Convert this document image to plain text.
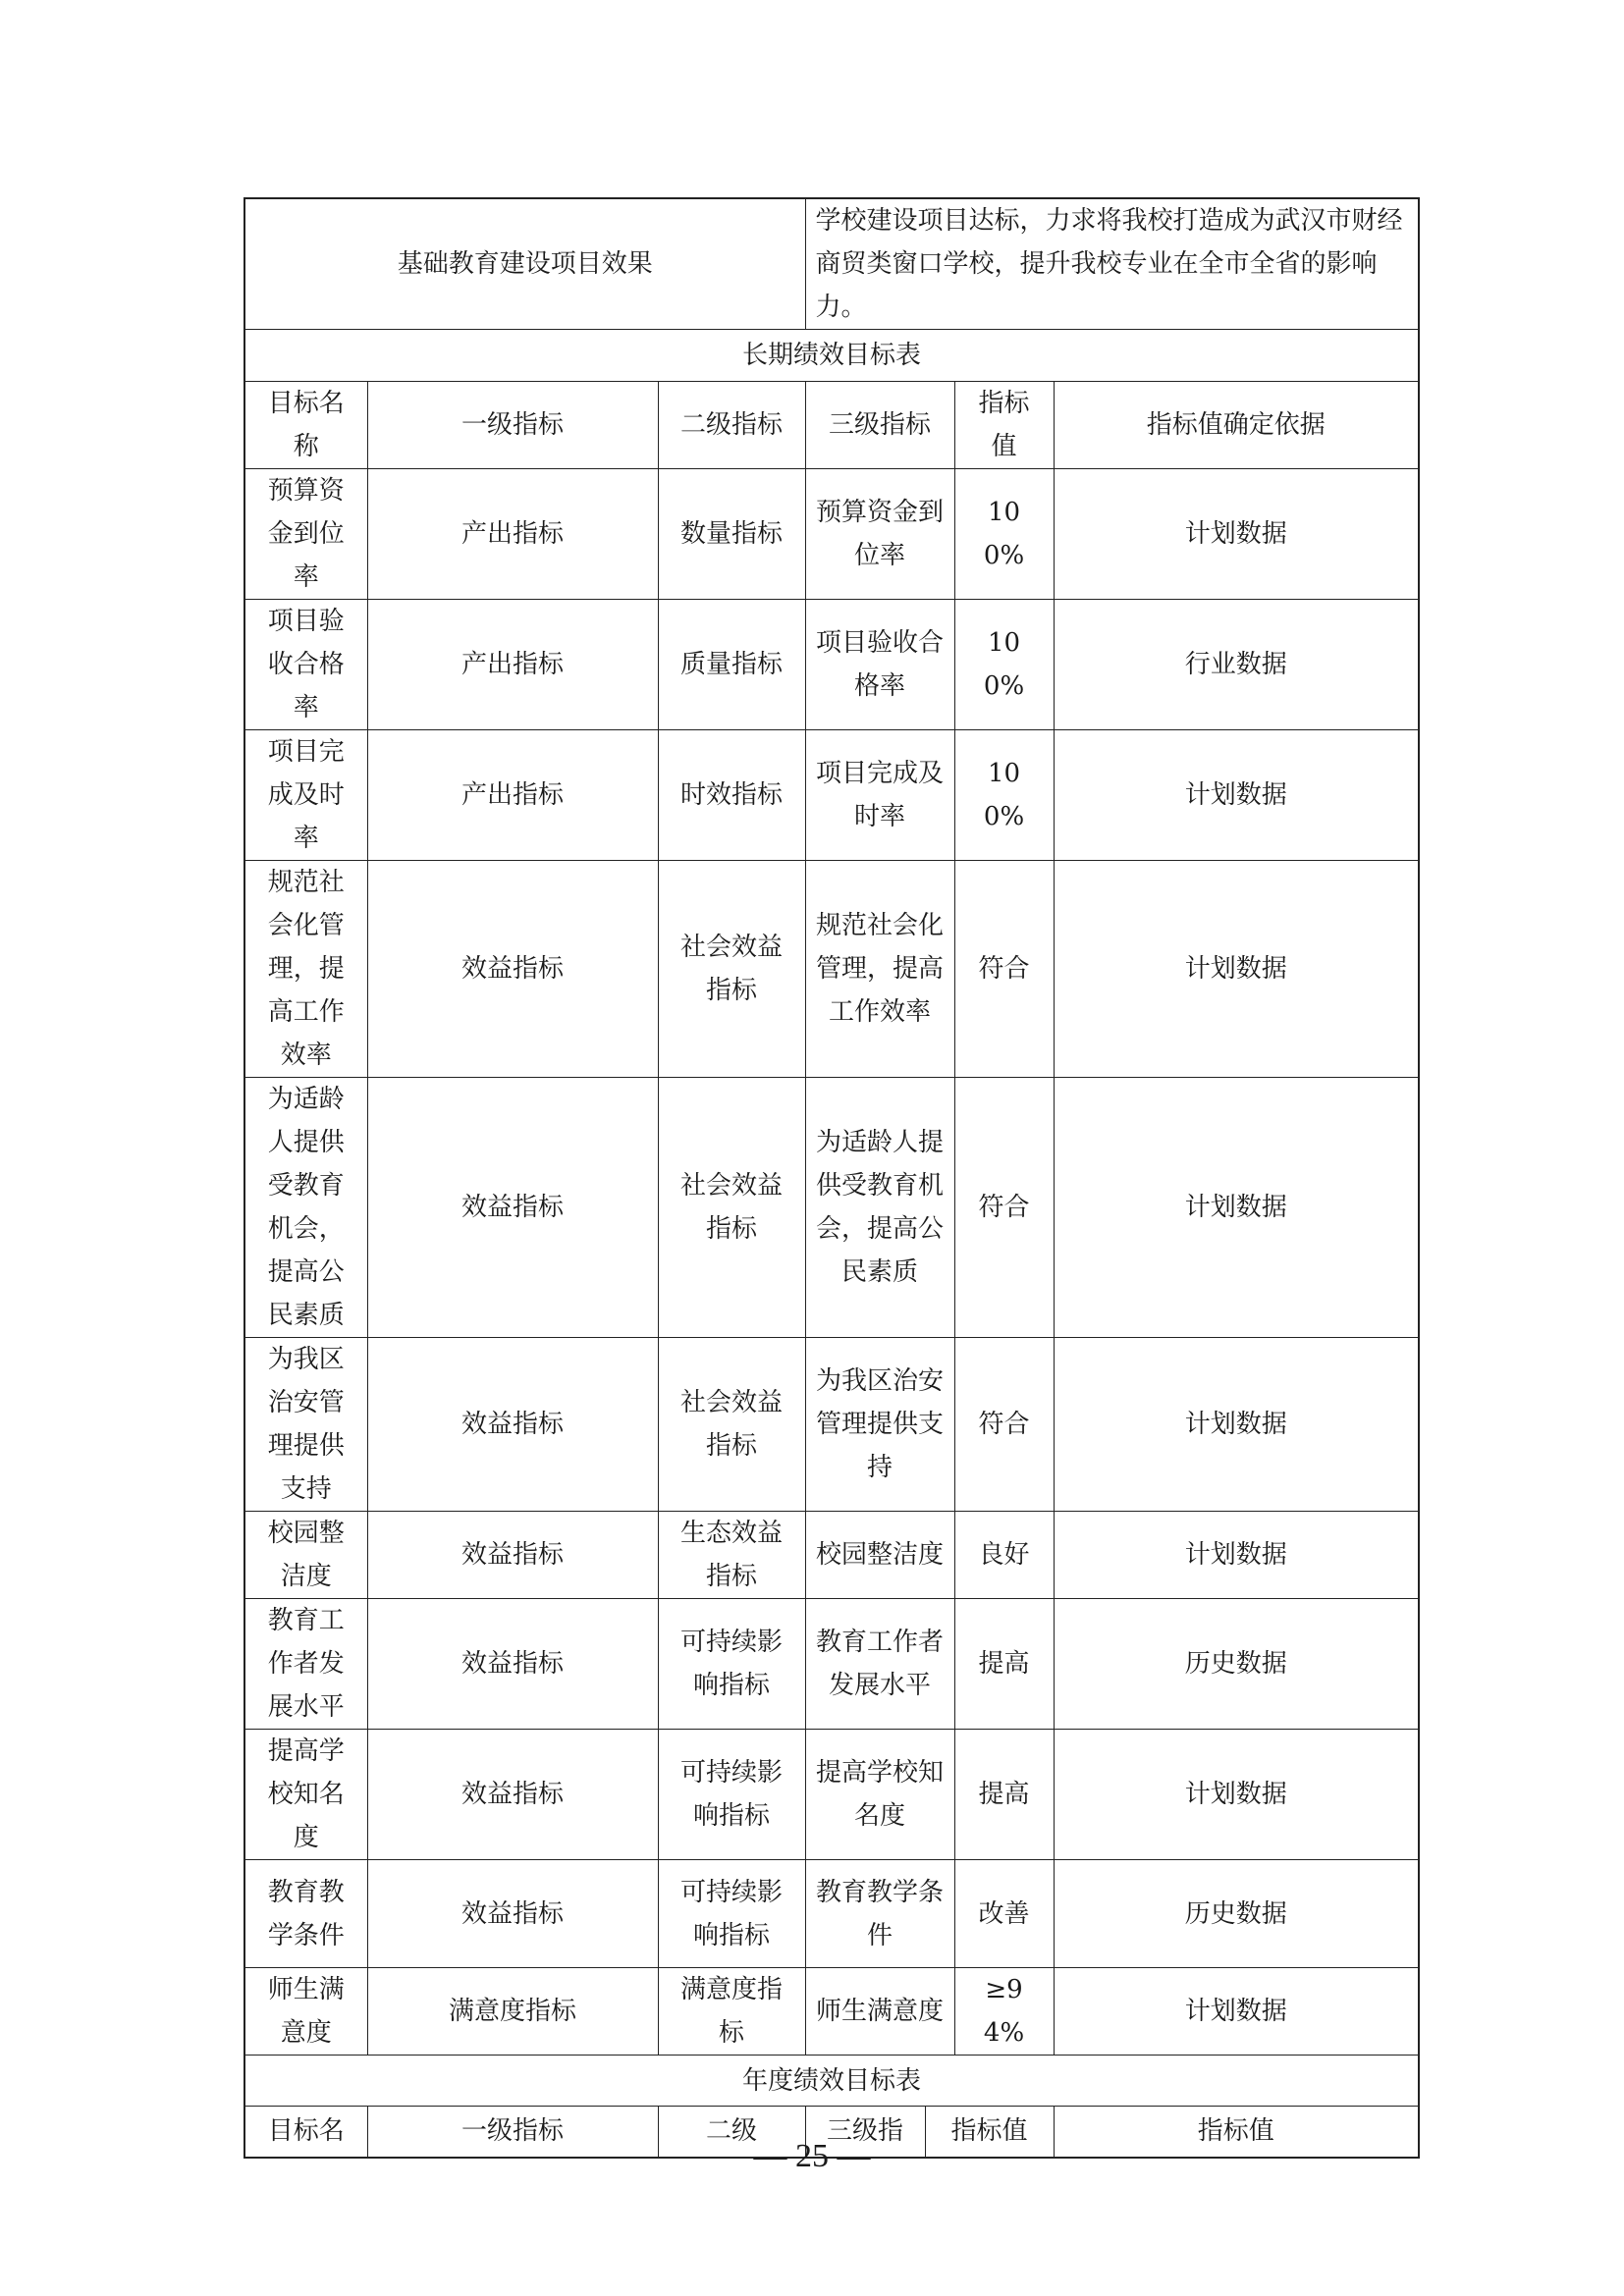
基础教育建设项目效果			学校建设项目达标，力求将我校打造成为武汉市财经商贸类窗口学校，提升我校专业在全市全省的影响力。			
长期绩效目标表						
目标名称	一级指标	二级指标	三级指标		指标值	指标值确定依据
预算资金到位率	产出指标	数量指标	预算资金到位率		100%	计划数据
项目验收合格率	产出指标	质量指标	项目验收合格率		100%	行业数据
项目完成及时率	产出指标	时效指标	项目完成及时率		100%	计划数据
规范社会化管理，提高工作效率	效益指标	社会效益指标	规范社会化管理，提高工作效率		符合	计划数据
为适龄人提供受教育机会，提高公民素质	效益指标	社会效益指标	为适龄人提供受教育机会，提高公民素质		符合	计划数据
为我区治安管理提供支持	效益指标	社会效益指标	为我区治安管理提供支持		符合	计划数据
校园整洁度	效益指标	生态效益指标	校园整洁度		良好	计划数据
教育工作者发展水平	效益指标	可持续影响指标	教育工作者发展水平		提高	历史数据
提高学校知名度	效益指标	可持续影响指标	提高学校知名度		提高	计划数据
教育教学条件	效益指标	可持续影响指标	教育教学条件		改善	历史数据
师生满意度	满意度指标	满意度指标	师生满意度		≥94%	计划数据
年度绩效目标表						
目标名	一级指标	二级	三级指	指标值		指标值
— 25 —
